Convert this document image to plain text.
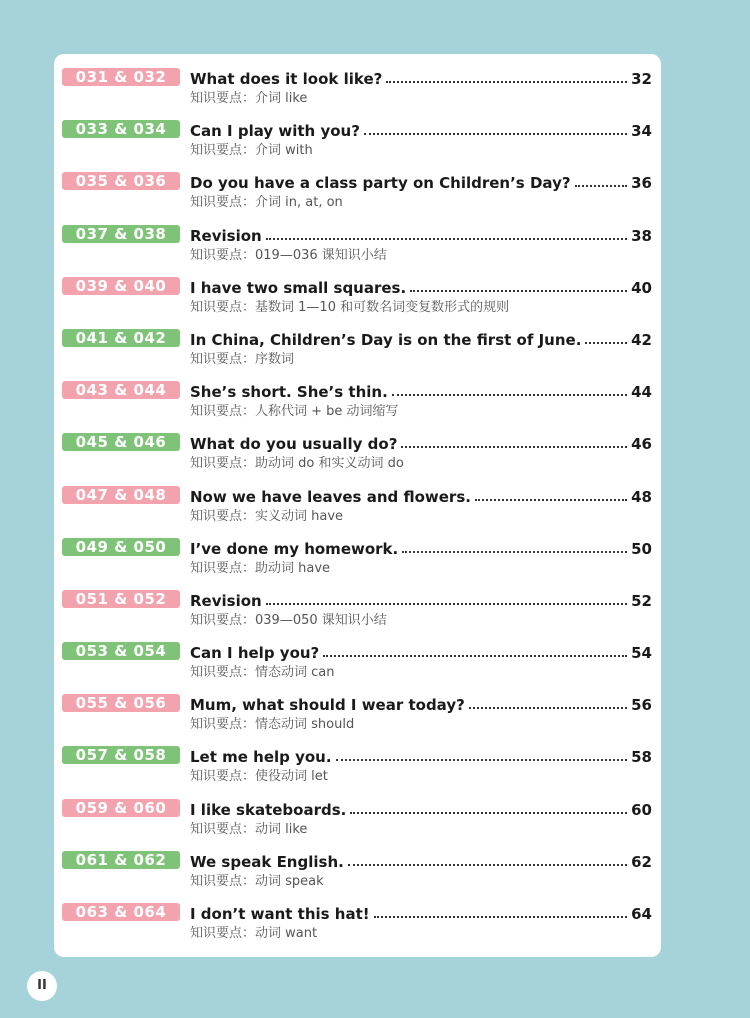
031 & 032	What does it look like?	32
知识要点：介词 like
033 & 034	Can I play with you?	34
知识要点：介词 with
035 & 036	Do you have a class party on Children’s Day?	36
知识要点：介词 in, at, on
037 & 038	Revision	38
知识要点：019—036 课知识小结
039 & 040	I have two small squares.	40
知识要点：基数词 1—10 和可数名词变复数形式的规则
041 & 042	In China, Children’s Day is on the first of June.	42
知识要点：序数词
043 & 044	She’s short. She’s thin.	44
知识要点：人称代词 + be 动词缩写
045 & 046	What do you usually do?	46
知识要点：助动词 do 和实义动词 do
047 & 048	Now we have leaves and flowers.	48
知识要点：实义动词 have
049 & 050	I’ve done my homework.	50
知识要点：助动词 have
051 & 052	Revision	52
知识要点：039—050 课知识小结
053 & 054	Can I help you?	54
知识要点：情态动词 can
055 & 056	Mum, what should I wear today?	56
知识要点：情态动词 should
057 & 058	Let me help you.	58
知识要点：使役动词 let
059 & 060	I like skateboards.	60
知识要点：动词 like
061 & 062	We speak English.	62
知识要点：动词 speak
063 & 064	I don’t want this hat!	64
知识要点：动词 want
II
